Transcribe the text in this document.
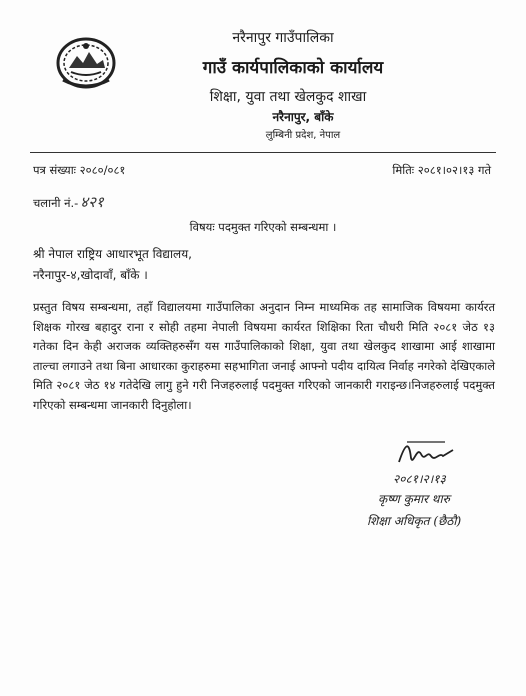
नरैनापुर गाउँपालिका
गाउँ कार्यपालिकाको कार्यालय
शिक्षा, युवा तथा खेलकुद शाखा
नरैनापुर, बाँके
लुम्बिनी प्रदेश, नेपाल
पत्र संख्याः २०८०/०८१	मितिः २०८१।०२।१३ गते
चलानी नं.- ४२१
विषयः पदमुक्त गरिएको सम्बन्धमा ।
श्री नेपाल राष्ट्रिय आधारभूत विद्यालय,
नरैनापुर-४,खोदावाँ, बाँके ।

प्रस्तुत विषय सम्बन्धमा, तहाँ विद्यालयमा गाउँपालिका अनुदान निम्न माध्यमिक तह सामाजिक विषयमा कार्यरत शिक्षक गोरख बहादुर राना र सोही तहमा नेपाली विषयमा कार्यरत शिक्षिका रिता चौधरी मिति २०८१ जेठ १३ गतेका दिन केही अराजक व्यक्तिहरुसँग यस गाउँपालिकाको शिक्षा, युवा तथा खेलकुद शाखामा आई शाखामा ताल्चा लगाउने तथा बिना आधारका कुराहरुमा सहभागिता जनाई आफ्नो पदीय दायित्व निर्वाह नगरेको देखिएकाले मिति २०८१ जेठ १४ गतेदेखि लागु हुने गरी निजहरुलाई पदमुक्त गरिएको जानकारी गराइन्छ।निजहरुलाई पदमुक्त गरिएको सम्बन्धमा जानकारी दिनुहोला।

२०८१।२।१३
कृष्ण कुमार थारु
शिक्षा अधिकृत (छैठौ)
